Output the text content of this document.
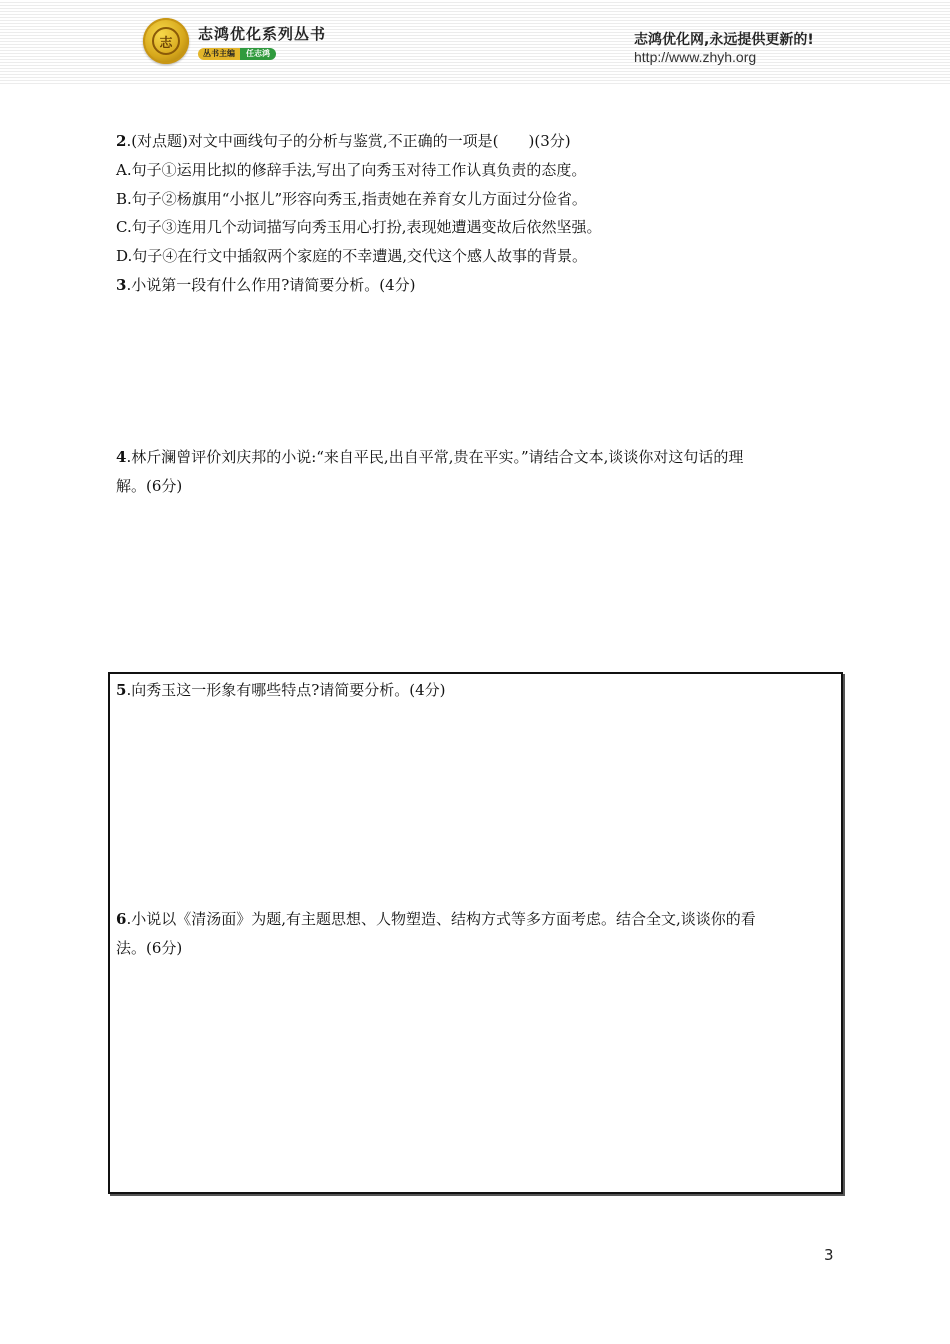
志	志鸿优化系列丛书
丛书主编	任志鸿
志鸿优化网,永远提供更新的!
http://www.zhyh.org
2.(对点题)对文中画线句子的分析与鉴赏,不正确的一项是(　　)(3分)
A.句子①运用比拟的修辞手法,写出了向秀玉对待工作认真负责的态度。
B.句子②杨旗用“小抠儿”形容向秀玉,指责她在养育女儿方面过分俭省。
C.句子③连用几个动词描写向秀玉用心打扮,表现她遭遇变故后依然坚强。
D.句子④在行文中插叙两个家庭的不幸遭遇,交代这个感人故事的背景。
3.小说第一段有什么作用?请简要分析。(4分)
4.林斤澜曾评价刘庆邦的小说:“来自平民,出自平常,贵在平实。”请结合文本,谈谈你对这句话的理
解。(6分)
5.向秀玉这一形象有哪些特点?请简要分析。(4分)
6.小说以《清汤面》为题,有主题思想、人物塑造、结构方式等多方面考虑。结合全文,谈谈你的看
法。(6分)
3
